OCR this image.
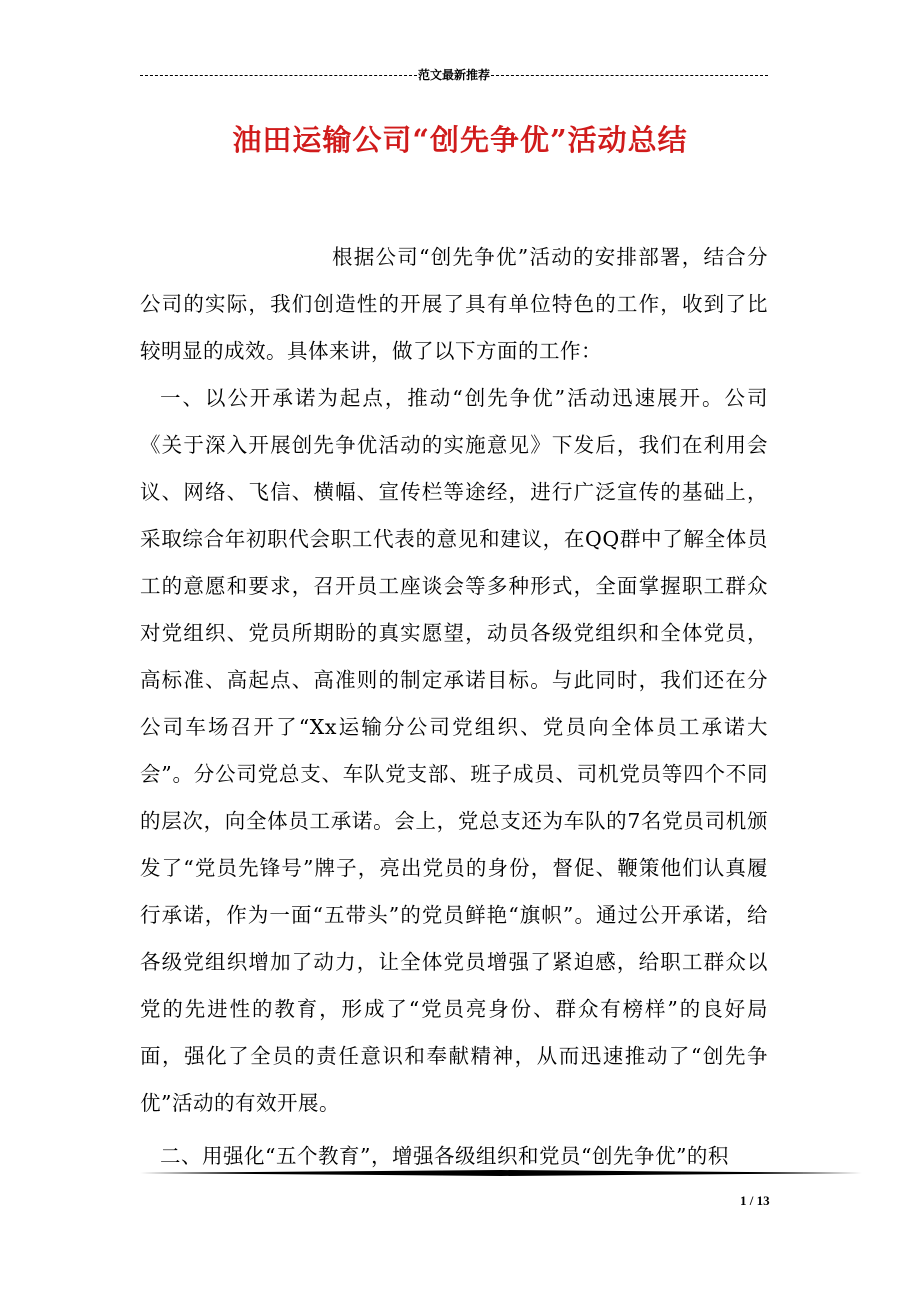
范文最新推荐
油田运输公司“创先争优”活动总结

根据公司“创先争优”活动的安排部署，结合分公司的实际，我们创造性的开展了具有单位特色的工作，收到了比较明显的成效。具体来讲，做了以下方面的工作：

一、以公开承诺为起点，推动“创先争优”活动迅速展开。公司《关于深入开展创先争优活动的实施意见》下发后，我们在利用会议、网络、飞信、横幅、宣传栏等途经，进行广泛宣传的基础上，采取综合年初职代会职工代表的意见和建议，在QQ群中了解全体员工的意愿和要求，召开员工座谈会等多种形式，全面掌握职工群众对党组织、党员所期盼的真实愿望，动员各级党组织和全体党员，高标准、高起点、高准则的制定承诺目标。与此同时，我们还在分公司车场召开了“Xx运输分公司党组织、党员向全体员工承诺大会”。分公司党总支、车队党支部、班子成员、司机党员等四个不同的层次，向全体员工承诺。会上，党总支还为车队的7名党员司机颁发了“党员先锋号”牌子，亮出党员的身份，督促、鞭策他们认真履行承诺，作为一面“五带头”的党员鲜艳“旗帜”。通过公开承诺，给各级党组织增加了动力，让全体党员增强了紧迫感，给职工群众以党的先进性的教育，形成了“党员亮身份、群众有榜样”的良好局面，强化了全员的责任意识和奉献精神，从而迅速推动了“创先争优”活动的有效开展。

二、用强化“五个教育”，增强各级组织和党员“创先争优”的积

1 / 13
